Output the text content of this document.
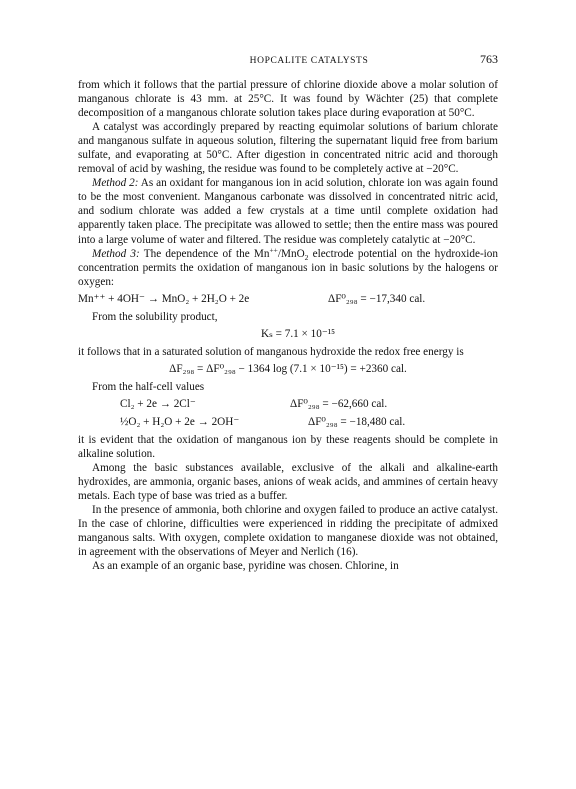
HOPCALITE CATALYSTS	763

from which it follows that the partial pressure of chlorine dioxide above a molar solution of manganous chlorate is 43 mm. at 25°C. It was found by Wächter (25) that complete decomposition of a manganous chlorate solution takes place during evaporation at 50°C.

A catalyst was accordingly prepared by reacting equimolar solutions of barium chlorate and manganous sulfate in aqueous solution, filtering the supernatant liquid free from barium sulfate, and evaporating at 50°C. After digestion in concentrated nitric acid and thorough removal of acid by washing, the residue was found to be completely active at −20°C.

Method 2: As an oxidant for manganous ion in acid solution, chlorate ion was again found to be the most convenient. Manganous carbonate was dissolved in concentrated nitric acid, and sodium chlorate was added a few crystals at a time until complete oxidation had apparently taken place. The precipitate was allowed to settle; then the entire mass was poured into a large volume of water and filtered. The residue was completely catalytic at −20°C.

Method 3: The dependence of the Mn++/MnO$_2$ electrode potential on the hydroxide-ion concentration permits the oxidation of manganous ion in basic solutions by the halogens or oxygen:

Mn⁺⁺ + 4OH⁻ → MnO₂ + 2H₂O + 2e	ΔF⁰₂₉₈ = −17,340 cal.

From the solubility product,

Kₛ = 7.1 × 10⁻¹⁵

it follows that in a saturated solution of manganous hydroxide the redox free energy is

ΔF₂₉₈ = ΔF⁰₂₉₈ − 1364 log (7.1 × 10⁻¹⁵) = +2360 cal.

From the half-cell values

Cl₂ + 2e → 2Cl⁻	ΔF⁰₂₉₈ = −62,660 cal.
½O₂ + H₂O + 2e → 2OH⁻	ΔF⁰₂₉₈ = −18,480 cal.

it is evident that the oxidation of manganous ion by these reagents should be complete in alkaline solution.

Among the basic substances available, exclusive of the alkali and alkaline-earth hydroxides, are ammonia, organic bases, anions of weak acids, and ammines of certain heavy metals. Each type of base was tried as a buffer.

In the presence of ammonia, both chlorine and oxygen failed to produce an active catalyst. In the case of chlorine, difficulties were experienced in ridding the precipitate of admixed manganous salts. With oxygen, complete oxidation to manganese dioxide was not obtained, in agreement with the observations of Meyer and Nerlich (16).

As an example of an organic base, pyridine was chosen. Chlorine, in
